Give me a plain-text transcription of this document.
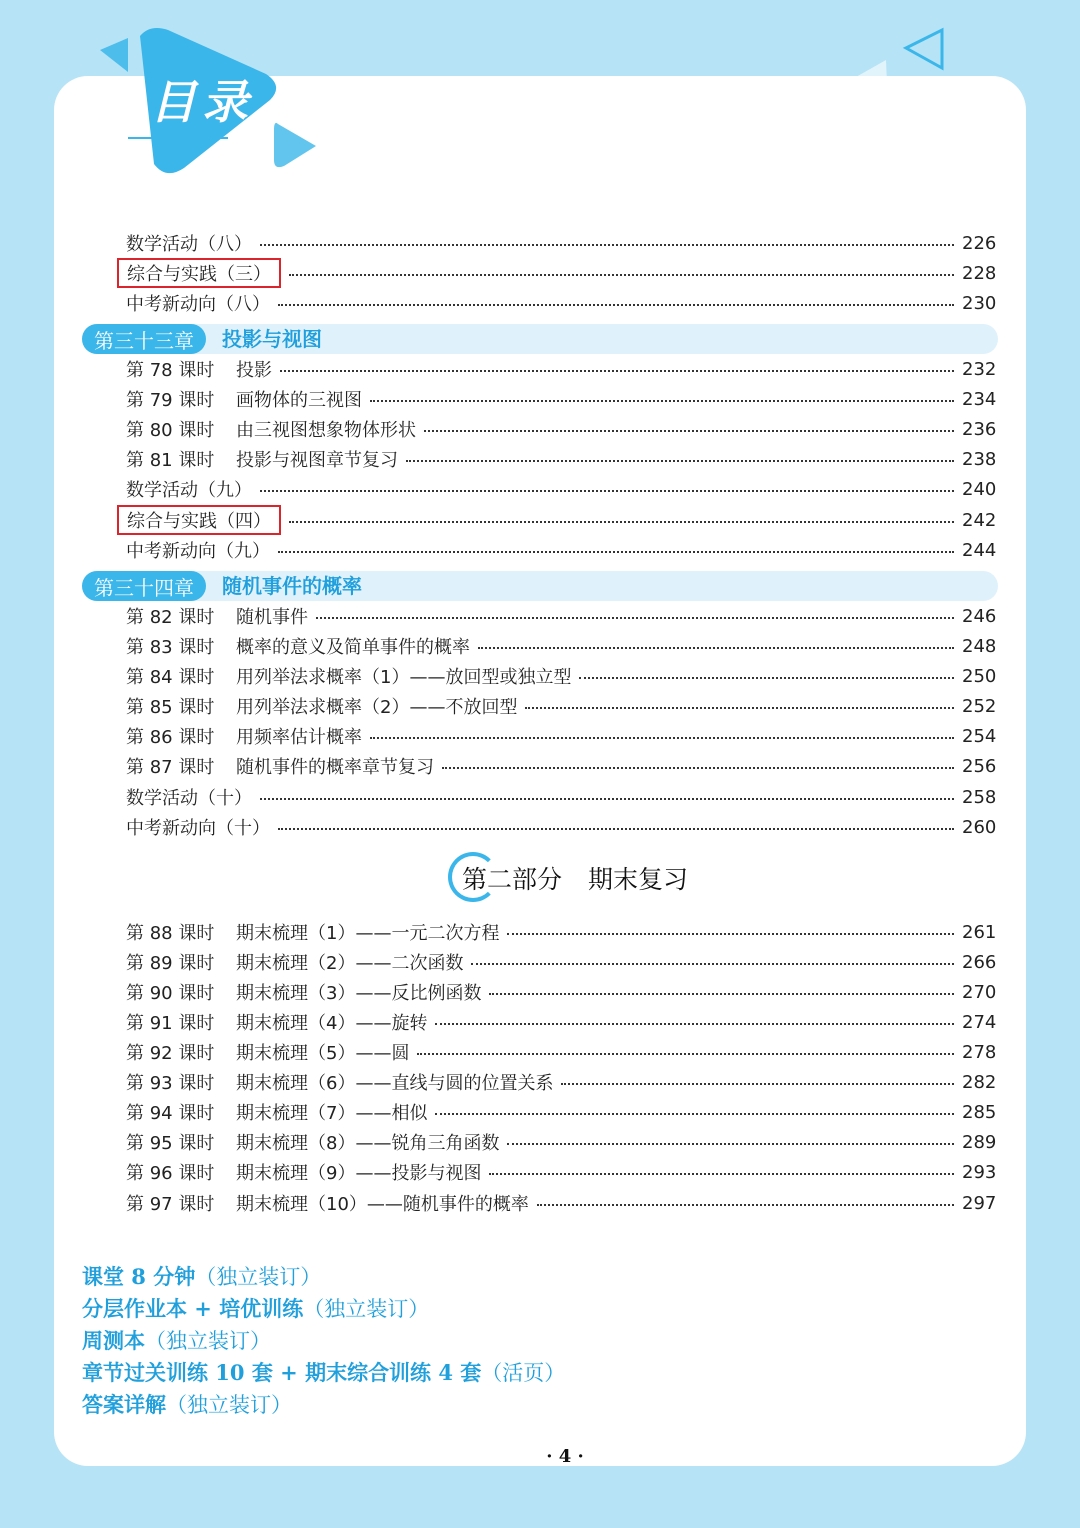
目录
数学活动（八）	226
综合与实践（三）	228
中考新动向（八）	230
第三十三章	投影与视图
第 78 课时	投影	232
第 79 课时	画物体的三视图	234
第 80 课时	由三视图想象物体形状	236
第 81 课时	投影与视图章节复习	238
数学活动（九）	240
综合与实践（四）	242
中考新动向（九）	244
第三十四章	随机事件的概率
第 82 课时	随机事件	246
第 83 课时	概率的意义及简单事件的概率	248
第 84 课时	用列举法求概率（1）——放回型或独立型	250
第 85 课时	用列举法求概率（2）——不放回型	252
第 86 课时	用频率估计概率	254
第 87 课时	随机事件的概率章节复习	256
数学活动（十）	258
中考新动向（十）	260
第二部分 期末复习
第 88 课时	期末梳理（1）——一元二次方程	261
第 89 课时	期末梳理（2）——二次函数	266
第 90 课时	期末梳理（3）——反比例函数	270
第 91 课时	期末梳理（4）——旋转	274
第 92 课时	期末梳理（5）——圆	278
第 93 课时	期末梳理（6）——直线与圆的位置关系	282
第 94 课时	期末梳理（7）——相似	285
第 95 课时	期末梳理（8）——锐角三角函数	289
第 96 课时	期末梳理（9）——投影与视图	293
第 97 课时	期末梳理（10）——随机事件的概率	297
课堂 8 分钟（独立装订）
分层作业本 + 培优训练（独立装订）
周测本（独立装订）
章节过关训练 10 套 + 期末综合训练 4 套（活页）
答案详解（独立装订）
· 4 ·
